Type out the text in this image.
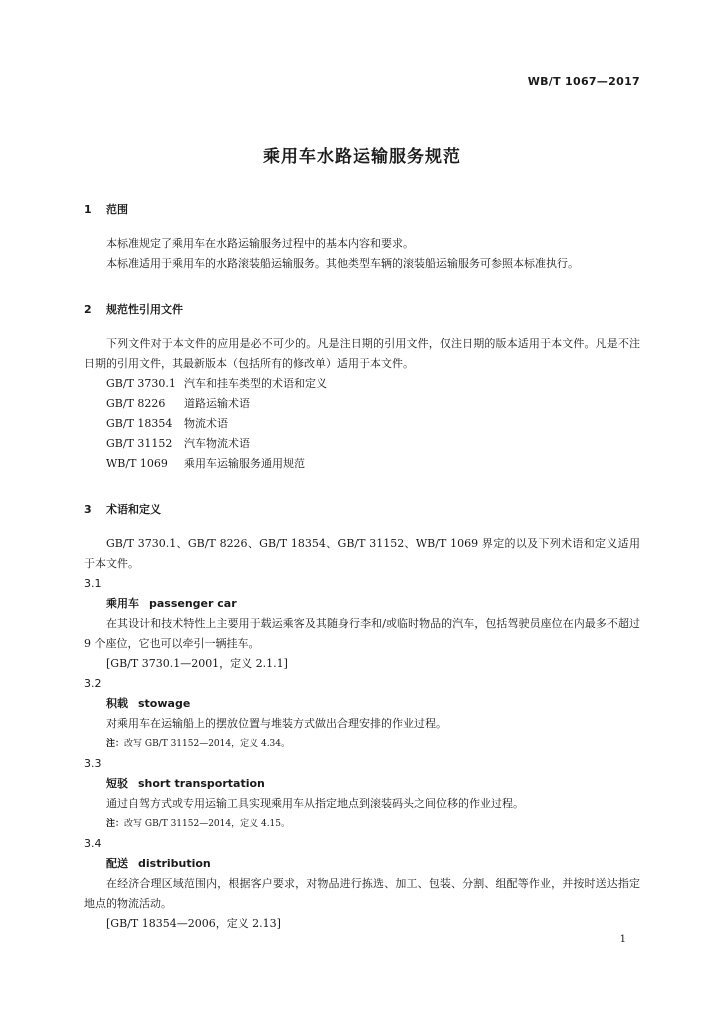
WB/T 1067—2017
乘用车水路运输服务规范
1 范围

本标准规定了乘用车在水路运输服务过程中的基本内容和要求。

本标准适用于乘用车的水路滚装船运输服务。其他类型车辆的滚装船运输服务可参照本标准执行。

2 规范性引用文件

下列文件对于本文件的应用是必不可少的。凡是注日期的引用文件，仅注日期的版本适用于本文件。凡是不注日期的引用文件，其最新版本（包括所有的修改单）适用于本文件。

GB/T 3730.1 汽车和挂车类型的术语和定义

GB/T 8226 道路运输术语

GB/T 18354 物流术语

GB/T 31152 汽车物流术语

WB/T 1069 乘用车运输服务通用规范

3 术语和定义

GB/T 3730.1、GB/T 8226、GB/T 18354、GB/T 31152、WB/T 1069 界定的以及下列术语和定义适用于本文件。

3.1

乘用车 passenger car

在其设计和技术特性上主要用于载运乘客及其随身行李和/或临时物品的汽车，包括驾驶员座位在内最多不超过 9 个座位，它也可以牵引一辆挂车。

[GB/T 3730.1—2001，定义 2.1.1]

3.2

积载 stowage

对乘用车在运输船上的摆放位置与堆装方式做出合理安排的作业过程。

注：改写 GB/T 31152—2014，定义 4.34。

3.3

短驳 short transportation

通过自驾方式或专用运输工具实现乘用车从指定地点到滚装码头之间位移的作业过程。

注：改写 GB/T 31152—2014，定义 4.15。

3.4

配送 distribution

在经济合理区域范围内，根据客户要求，对物品进行拣选、加工、包装、分割、组配等作业，并按时送达指定地点的物流活动。

[GB/T 18354—2006，定义 2.13]

1
